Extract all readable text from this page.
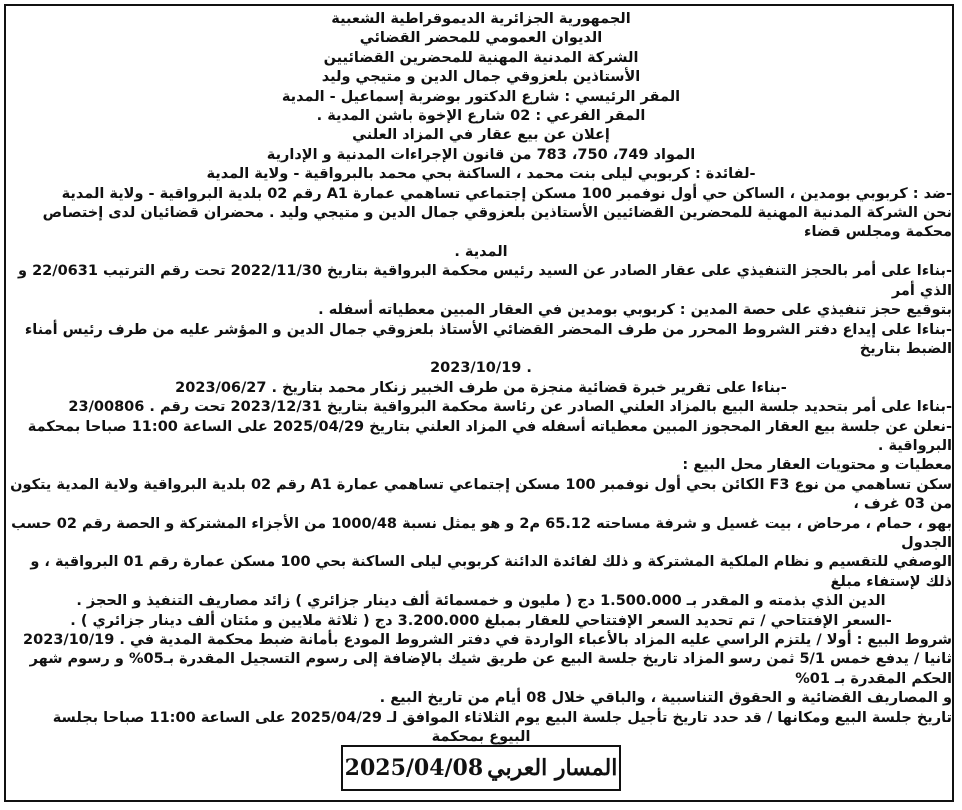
الجمهورية الجزائرية الديموقراطية الشعبية
الديوان العمومي للمحضر القضائي
الشركة المدنية المهنية للمحضرين القضائيين
الأستاذين بلعزوقي جمال الدين و متيجي وليد
المقر الرئيسي : شارع الدكتور بوضربة إسماعيل - المدية
المقر الفرعي : 02 شارع الإخوة باشن المدية .
إعلان عن بيع عقار في المزاد العلني
المواد 749، 750، 783 من قانون الإجراءات المدنية و الإدارية
-لفائدة : كربوبي ليلى بنت محمد ، الساكنة بحي محمد بالبرواقية - ولاية المدية
-ضد : كربوبي بومدين ، الساكن حي أول نوفمبر 100 مسكن إجتماعي تساهمي عمارة A1 رقم 02 بلدية البرواقية - ولاية المدية
نحن الشركة المدنية المهنية للمحضرين القضائيين الأستاذين بلعزوقي جمال الدين و متيجي وليد . محضران قضائيان لدى إختصاص محكمة ومجلس قضاء
المدية .
-بناءا على أمر بالحجز التنفيذي على عقار الصادر عن السيد رئيس محكمة البرواقية بتاريخ 2022/11/30 تحت رقم الترتيب 22/0631 و الذي أمر
بتوقيع حجز تنفيذي على حصة المدين : كربوبي بومدين في العقار المبين معطياته أسفله .
-بناءا على إيداع دفتر الشروط المحرر من طرف المحضر القضائي الأستاذ بلعزوقي جمال الدين و المؤشر عليه من طرف رئيس أمناء الضبط بتاريخ
. 2023/10/19
-بناءا على تقرير خبرة قضائية منجزة من طرف الخبير زنكار محمد بتاريخ . 2023/06/27
-بناءا على أمر بتحديد جلسة البيع بالمزاد العلني الصادر عن رئاسة محكمة البرواقية بتاريخ 2023/12/31 تحت رقم . 23/00806
-نعلن عن جلسة بيع العقار المحجوز المبين معطياته أسفله في المزاد العلني بتاريخ 2025/04/29 على الساعة 11:00 صباحا بمحكمة البرواقية .
معطيات و محتويات العقار محل البيع :
سكن تساهمي من نوع F3 الكائن بحي أول نوفمبر 100 مسكن إجتماعي تساهمي عمارة A1 رقم 02 بلدية البرواقية ولاية المدية يتكون من 03 غرف ،
بهو ، حمام ، مرحاض ، بيت غسيل و شرفة مساحته 65.12 م2 و هو يمثل نسبة 1000/48 من الأجزاء المشتركة و الحصة رقم 02 حسب الجدول
الوصفي للتقسيم و نظام الملكية المشتركة و ذلك لفائدة الدائنة كربوبي ليلى الساكنة بحي 100 مسكن عمارة رقم 01 البرواقية ، و ذلك لإستفاء مبلغ
الدين الذي بذمته و المقدر بـ 1.500.000 دج ( مليون و خمسمائة ألف دينار جزائري ) زائد مصاريف التنفيذ و الحجز .
-السعر الإفتتاحي / تم تحديد السعر الإفتتاحي للعقار بمبلغ 3.200.000 دج ( ثلاثة ملايين و مئتان ألف دينار جزائري ) .
شروط البيع : أولا / يلتزم الراسي عليه المزاد بالأعباء الواردة في دفتر الشروط المودع بأمانة ضبط محكمة المدية في . 2023/10/19
ثانيا / يدفع خمس 5/1 ثمن رسو المزاد تاريخ جلسة البيع عن طريق شيك بالإضافة إلى رسوم التسجيل المقدرة بـ05% و رسوم شهر الحكم المقدرة بـ 01%
و المصاريف القضائية و الحقوق التناسبية ، والباقي خلال 08 أيام من تاريخ البيع .
تاريخ جلسة البيع ومكانها / قد حدد تاريخ تأجيل جلسة البيع يوم الثلاثاء الموافق لـ 2025/04/29 على الساعة 11:00 صباحا بجلسة
البيوع بمحكمة
المسار العربي
2025/04/08
